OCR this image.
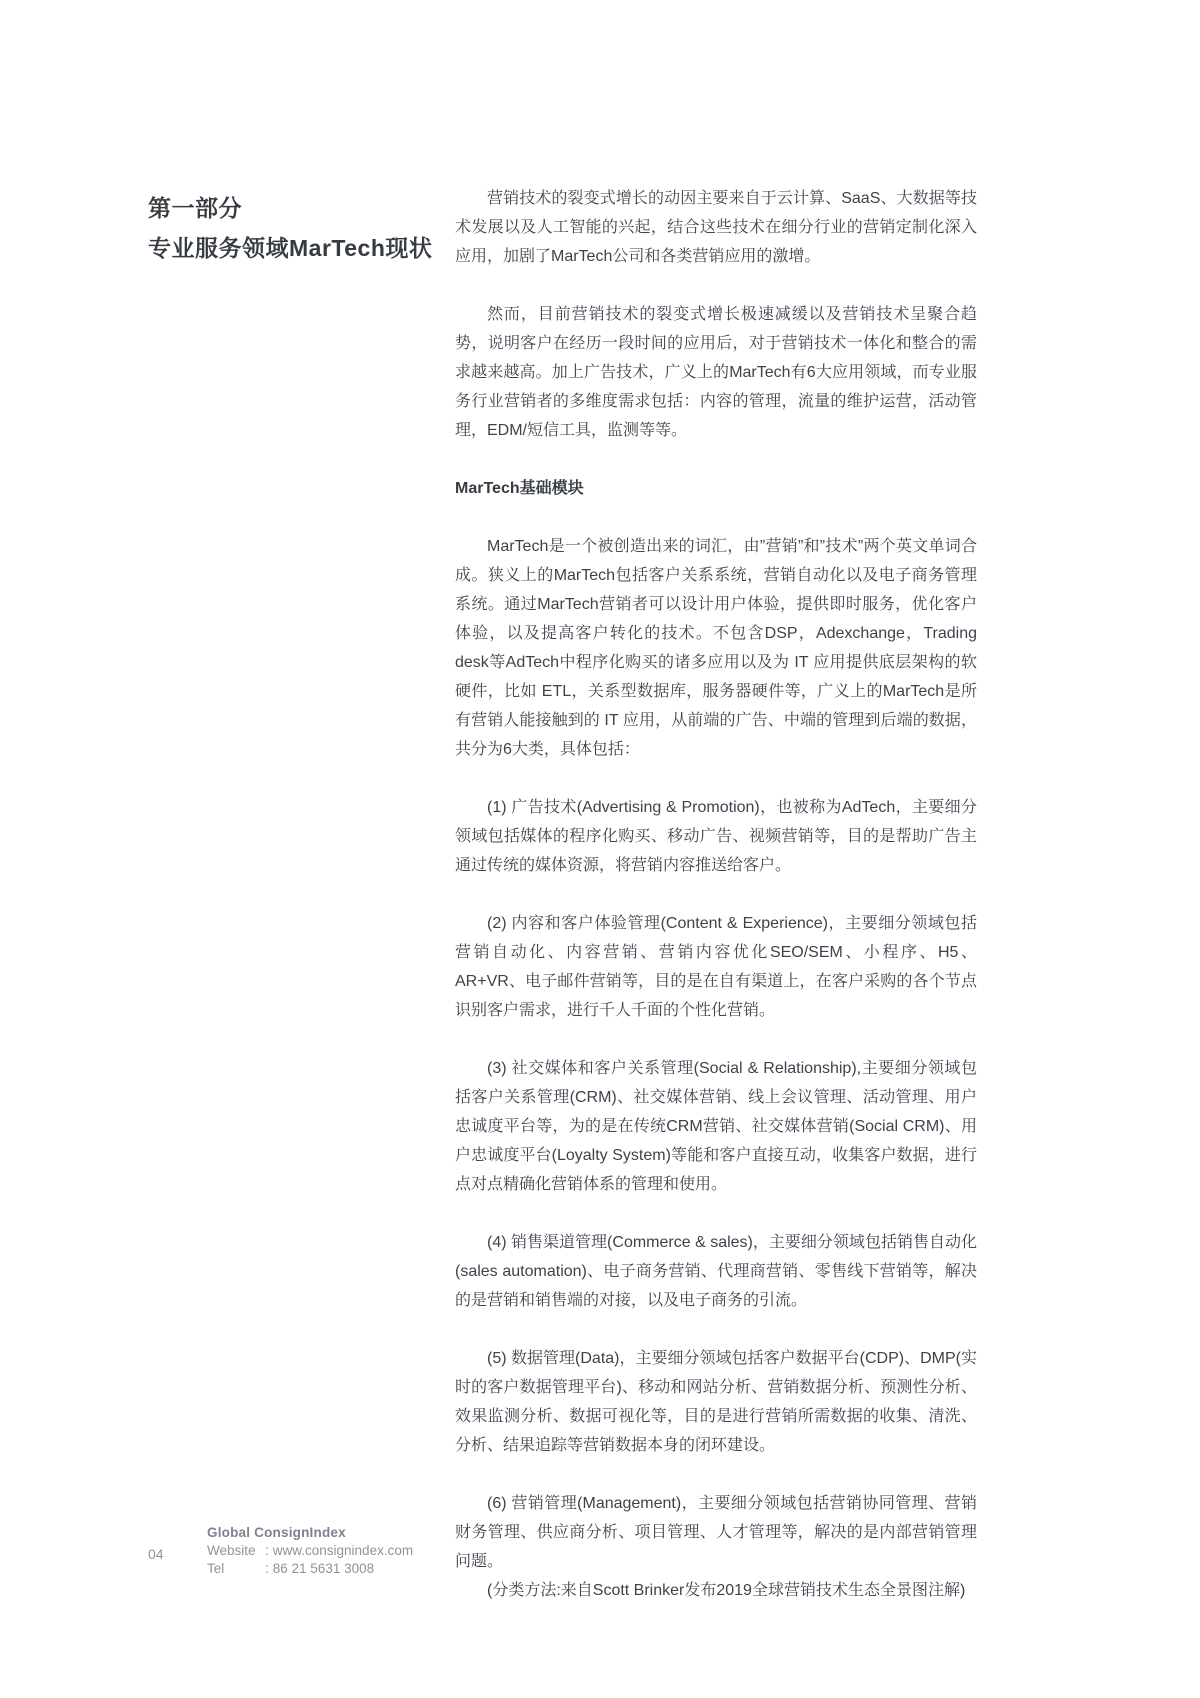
第一部分
专业服务领域MarTech现状

营销技术的裂变式增长的动因主要来自于云计算、SaaS、大数据等技术发展以及人工智能的兴起，结合这些技术在细分行业的营销定制化深入应用，加剧了MarTech公司和各类营销应用的激增。

然而，目前营销技术的裂变式增长极速减缓以及营销技术呈聚合趋势，说明客户在经历一段时间的应用后，对于营销技术一体化和整合的需求越来越高。加上广告技术，广义上的MarTech有6大应用领域，而专业服务行业营销者的多维度需求包括：内容的管理，流量的维护运营，活动管理，EDM/短信工具，监测等等。

MarTech基础模块

MarTech是一个被创造出来的词汇，由”营销”和”技术”两个英文单词合成。狭义上的MarTech包括客户关系系统，营销自动化以及电子商务管理系统。通过MarTech营销者可以设计用户体验，提供即时服务，优化客户体验，以及提高客户转化的技术。不包含DSP，Adexchange，Trading desk等AdTech中程序化购买的诸多应用以及为 IT 应用提供底层架构的软硬件，比如 ETL，关系型数据库，服务器硬件等，广义上的MarTech是所有营销人能接触到的 IT 应用，从前端的广告、中端的管理到后端的数据，共分为6大类，具体包括：

(1) 广告技术(Advertising & Promotion)，也被称为AdTech，主要细分领域包括媒体的程序化购买、移动广告、视频营销等，目的是帮助广告主通过传统的媒体资源，将营销内容推送给客户。

(2) 内容和客户体验管理(Content & Experience)，主要细分领域包括营销自动化、内容营销、营销内容优化SEO/SEM、小程序、H5、AR+VR、电子邮件营销等，目的是在自有渠道上，在客户采购的各个节点识别客户需求，进行千人千面的个性化营销。

(3) 社交媒体和客户关系管理(Social & Relationship),主要细分领域包括客户关系管理(CRM)、社交媒体营销、线上会议管理、活动管理、用户忠诚度平台等，为的是在传统CRM营销、社交媒体营销(Social CRM)、用户忠诚度平台(Loyalty System)等能和客户直接互动，收集客户数据，进行点对点精确化营销体系的管理和使用。

(4) 销售渠道管理(Commerce & sales)，主要细分领域包括销售自动化(sales automation)、电子商务营销、代理商营销、零售线下营销等，解决的是营销和销售端的对接，以及电子商务的引流。

(5) 数据管理(Data)，主要细分领域包括客户数据平台(CDP)、DMP(实时的客户数据管理平台)、移动和网站分析、营销数据分析、预测性分析、效果监测分析、数据可视化等，目的是进行营销所需数据的收集、清洗、分析、结果追踪等营销数据本身的闭环建设。

(6) 营销管理(Management)，主要细分领域包括营销协同管理、营销财务管理、供应商分析、项目管理、人才管理等，解决的是内部营销管理问题。

(分类方法:来自Scott Brinker发布2019全球营销技术生态全景图注解)

04
Global ConsignIndex
Website : www.consignindex.com
Tel	: 86 21 5631 3008
